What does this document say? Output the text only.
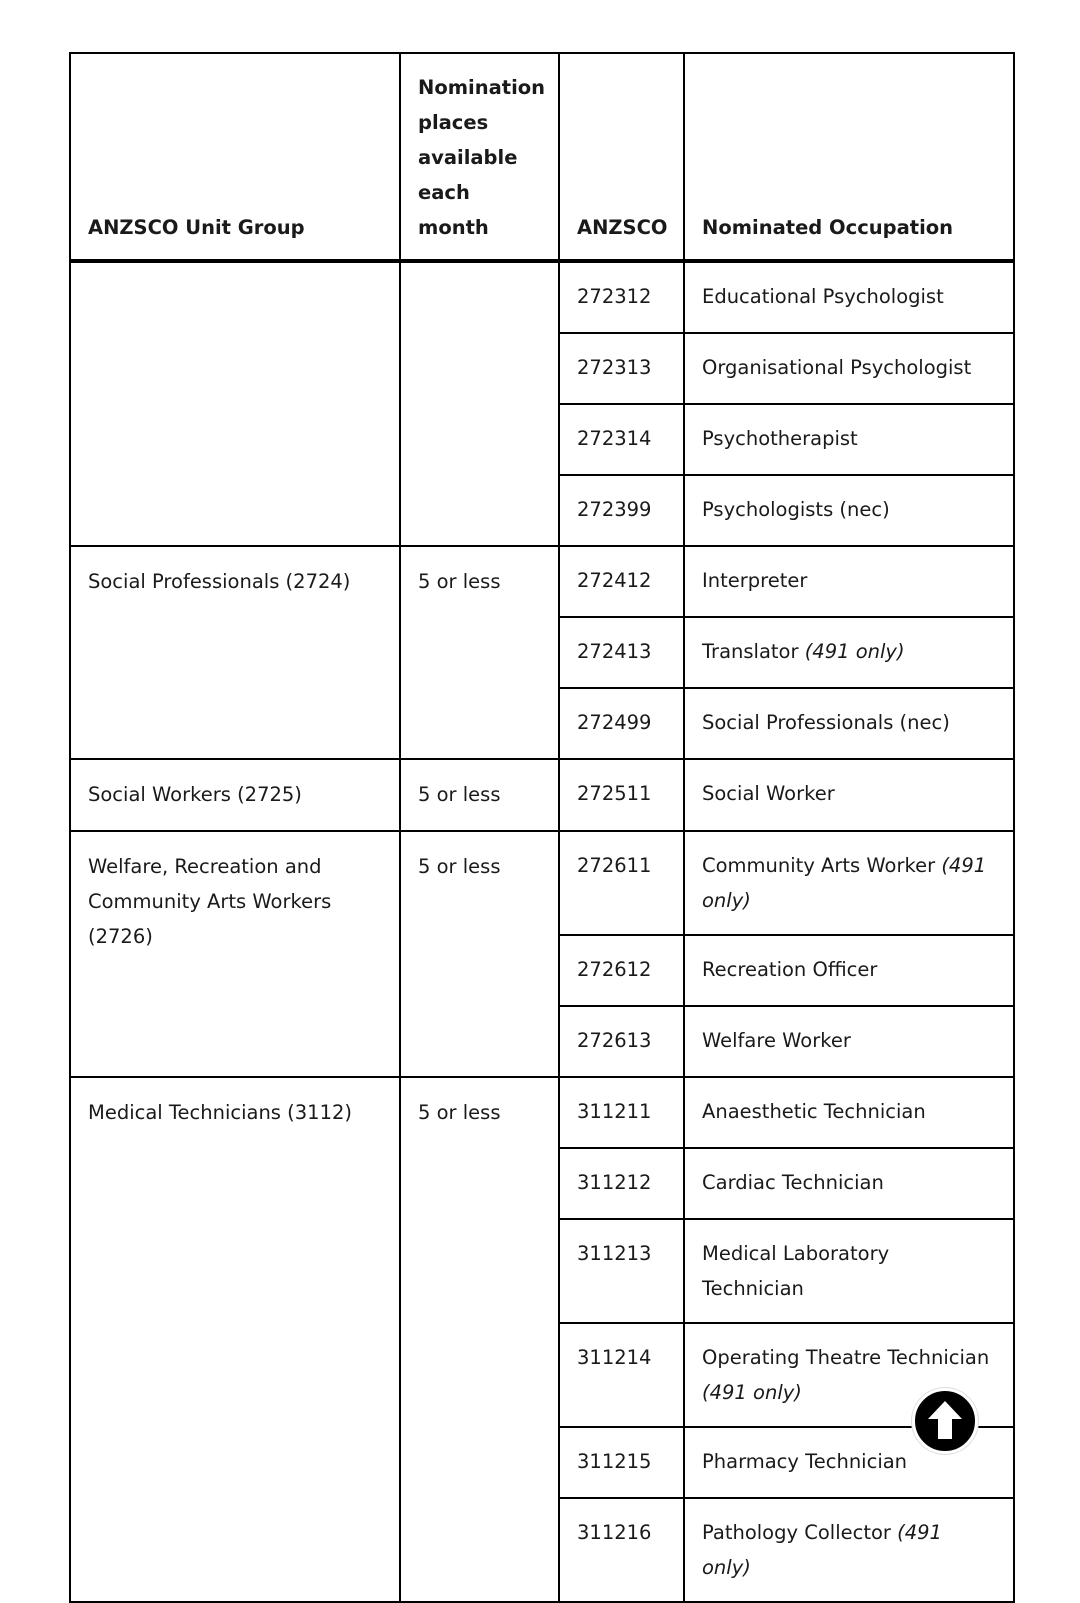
ANZSCO Unit Group	Nomination places available each month	ANZSCO	Nominated Occupation
		272312	Educational Psychologist
		272313	Organisational Psychologist
		272314	Psychotherapist
		272399	Psychologists (nec)
Social Professionals (2724)	5 or less	272412	Interpreter
		272413	Translator (491 only)
		272499	Social Professionals (nec)
Social Workers (2725)	5 or less	272511	Social Worker
Welfare, Recreation and Community Arts Workers (2726)	5 or less	272611	Community Arts Worker (491 only)
		272612	Recreation Officer
		272613	Welfare Worker
Medical Technicians (3112)	5 or less	311211	Anaesthetic Technician
		311212	Cardiac Technician
		311213	Medical Laboratory Technician
		311214	Operating Theatre Technician (491 only)
		311215	Pharmacy Technician
		311216	Pathology Collector (491 only)
